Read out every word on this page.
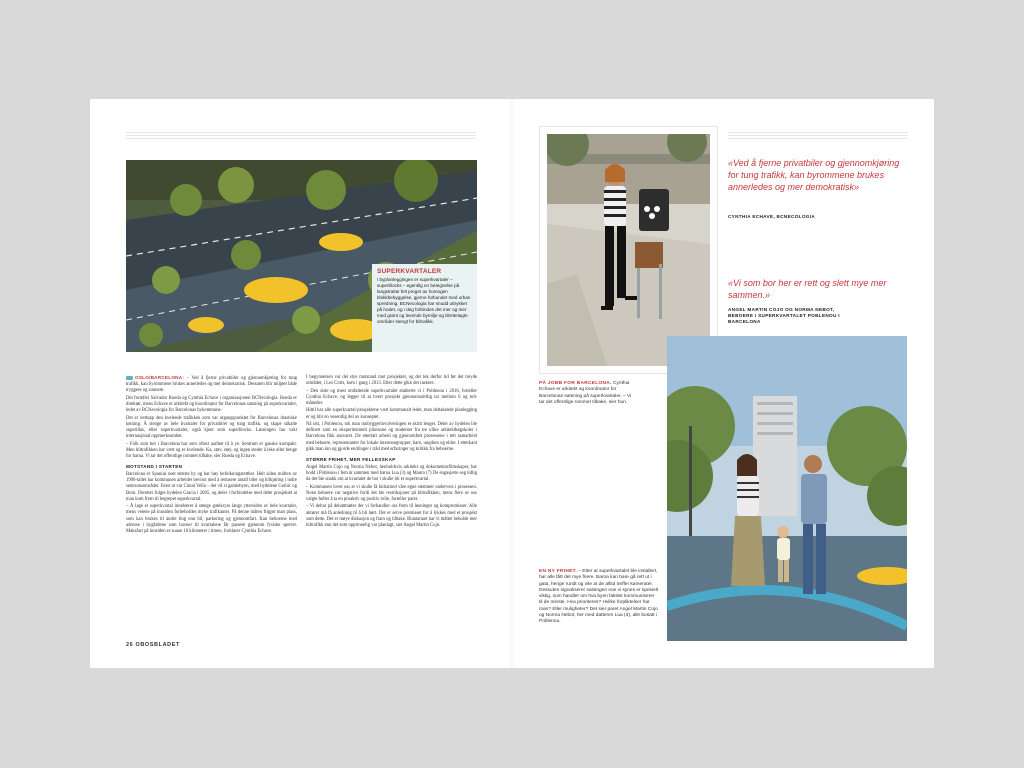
SUPERKVARTALER
I byplanleggingen er superkvartaler – superblocks – egentlig en betegnelse på langstrakte felt preget av homogen blokkbebyggelse, gjerne forbundet med urban spredning. BCNecologia har snudd uttrykket på hodet, og i deg forbindes det mer og mer med grønt og levende byrnilje og tilrettelagte områder stengt for biltrafikk.

OSLO/BARCELONA: – Ved å fjerne privatbiler og gjennomkjøring for tung trafikk, kan byrommene brukes annerledes og mer demokratisk. Dessuten blir miljøet både tryggere og sunnere.

Det forteller Salvador Rueda og Cynthia Echave i organisasjonen BCNecologia. Rueda er direktør, mens Echave er arkitekt og koordinator for Barcelonas satsning på superkvartaler, ledet av BCNecologia for Barcelonas bykommune.

Det er nettopp den kvelende trafikken som var utgangspunktet for Barcelonas drastiske løsning: Å stenge av hele kvartaler for privatbiler og tung trafikk, og skape såkalte superillas, eller superkvartaler, også kjent som superblocks. Løsningen har vakt internasjonal oppmerksomhet.

– Folk som bor i Barcelona har som oftest aarlhet til å ye. Sentrum er ganske kompakt. Men biltrafikken har vært og er kvelende. Ka, støv, støy, og ingen steder å leke eller henge for barna. Vi tar det offentlige rommet tilbake, sier Rueda og Echave.

MOTSTAND I STARTEN

Barcelona er Spanias nest største by og har høy befolkningstetthet. Helt siden midten av 1990-tallet har kommunen arbeidet bevisst med å redusere antall biler og bilkjøring i indre sentrumsområder. Først ut var Ciutat Vella – det vil si gamlebyen, med bydelene Gothic og Born. Deretter fulgte bydelen Gracia i 2005, og deler i forbindelse med dette prosjektet at man kom frem til begrepet superkvartal.

– Å lage et superkvartal innebærer å stenge gatekryss langs yttersiden av hele kvartaler, mens veiene på innsiden forbeholdes myke trafikanter. På denne måten frigjør man plass, som kan brukes til andre ting enn bil, parkering og gjennomfart. Kan beboerne med adresse i bygårdene som havner til kvartalene får passere gjennom fysiske sperrer. Maksfart på innsiden er snaue 10 kilometer i timen, forklarer Cynthia Echave.

I begynnelsen var det stye motstand mot prosjektet, og det tok derfor tid før det treyde området, i Les Corts, kom i gang i 2013. Etter dette gikk det raskere.

– Den siste og mest omfattende superkvartalet etablerte vi i Poblenou i 2016, forteller Cynthia Echave, og legger til at hvert prosjekt gjennomsnittlig tar mellom 6 og tolv måneder.

Hittil har alle superkvartal-prosjektene vært kommunalt ledet, men deltakende planlegging er og blir en vesentlig del av konseptet.

Nå sist, i Poblenou, tok man innbyggerinvolveringen et skritt lenger. Deler av bydelen ble definert som en eksperimentell pilotsone og studenter fra tre ulike arkitekthøgskoler i Barcelona fikk ansvaret. De etterlatt arbeid og gjennomført prosessene i tett samarbeid med beboere, representanter for lokale interessegrupper, barn, ungdom og eldre. I etterkant gikk man inn og gjorde endringer i tråd med erfaringer og kritikk fra beboerne.

STØRRE FRIHET, MER FELLESSKAP

Angel Martin Cojo og Norma Nebot, henholdsvis arkitekt og dokumentarfilmskaper, har bodd i Poblenou i fem år sammen med barna Lua (3) og Mauro (7) De engasjerte seg tidlig da det ble snakk om at kvartalet de bor i skulle bli et superkvartal.

– Kommunen lovet oss at vi skulle få bidrarned våre egne stemmer underveis i prosessen. Noen beboere var negative fordi det ble restriksjoner på biltrafikken, mens flere av oss valgte heller å ta en proaktiv og positiv rolle, forteller paret.

– Vi deltar på debattmøter der vi forhandler oss frem til løsninger og kompromisser. Alle aktører må få anledning til å bli hørt. Det er selve premisset for å lykkes med et prosjekt som dette. Det er møye diskusjon og fram og tilbake. Blantannet har vi måttet beholde mer biltrafikk enn det som opprinnelig var planlagt, sier Angel Martin Cojo.

26 OBOSBLADET
«Ved å fjerne privatbiler og gjennomkjøring for tung trafikk, kan byrommene brukes annerledes og mer demokratisk»
CYNTHIA ECHAVE, BCNECOLOGIA
«Vi som bor her er rett og slett mye mer sammen.»
ANGEL MARTIN COJO OG NORMA NEBOT, BEBOERE I SUPERKVARTALET POBLENOU I BARCELONA
PÅ JOBB FOR BARCELONA. Cynthia Echave er arkitekt og koordinator for Barcelonas satsning på superkvartaler. – Vi tar det offentlige rommet tilbake, sier hun.
EN NY FRIHET. – Etter at superkvartalet ble installert, har alle fått det mye friere. Barna kan bare gå rett ut i gata, henge rundt og vite at de alltid treffer kamerater. Dessuten signaliserer satsingen noe vi synes er spesielt viktig, som handler om hva byen faktisk kommuniserer til de minste. Hva prioriteres? Hvilke forpliktelser har man? Eller muligheter? Det sier paret Angel Martin Cojo og Norma Nebot, her med datteren Lua (3), alle bosatt i Poblenou.
